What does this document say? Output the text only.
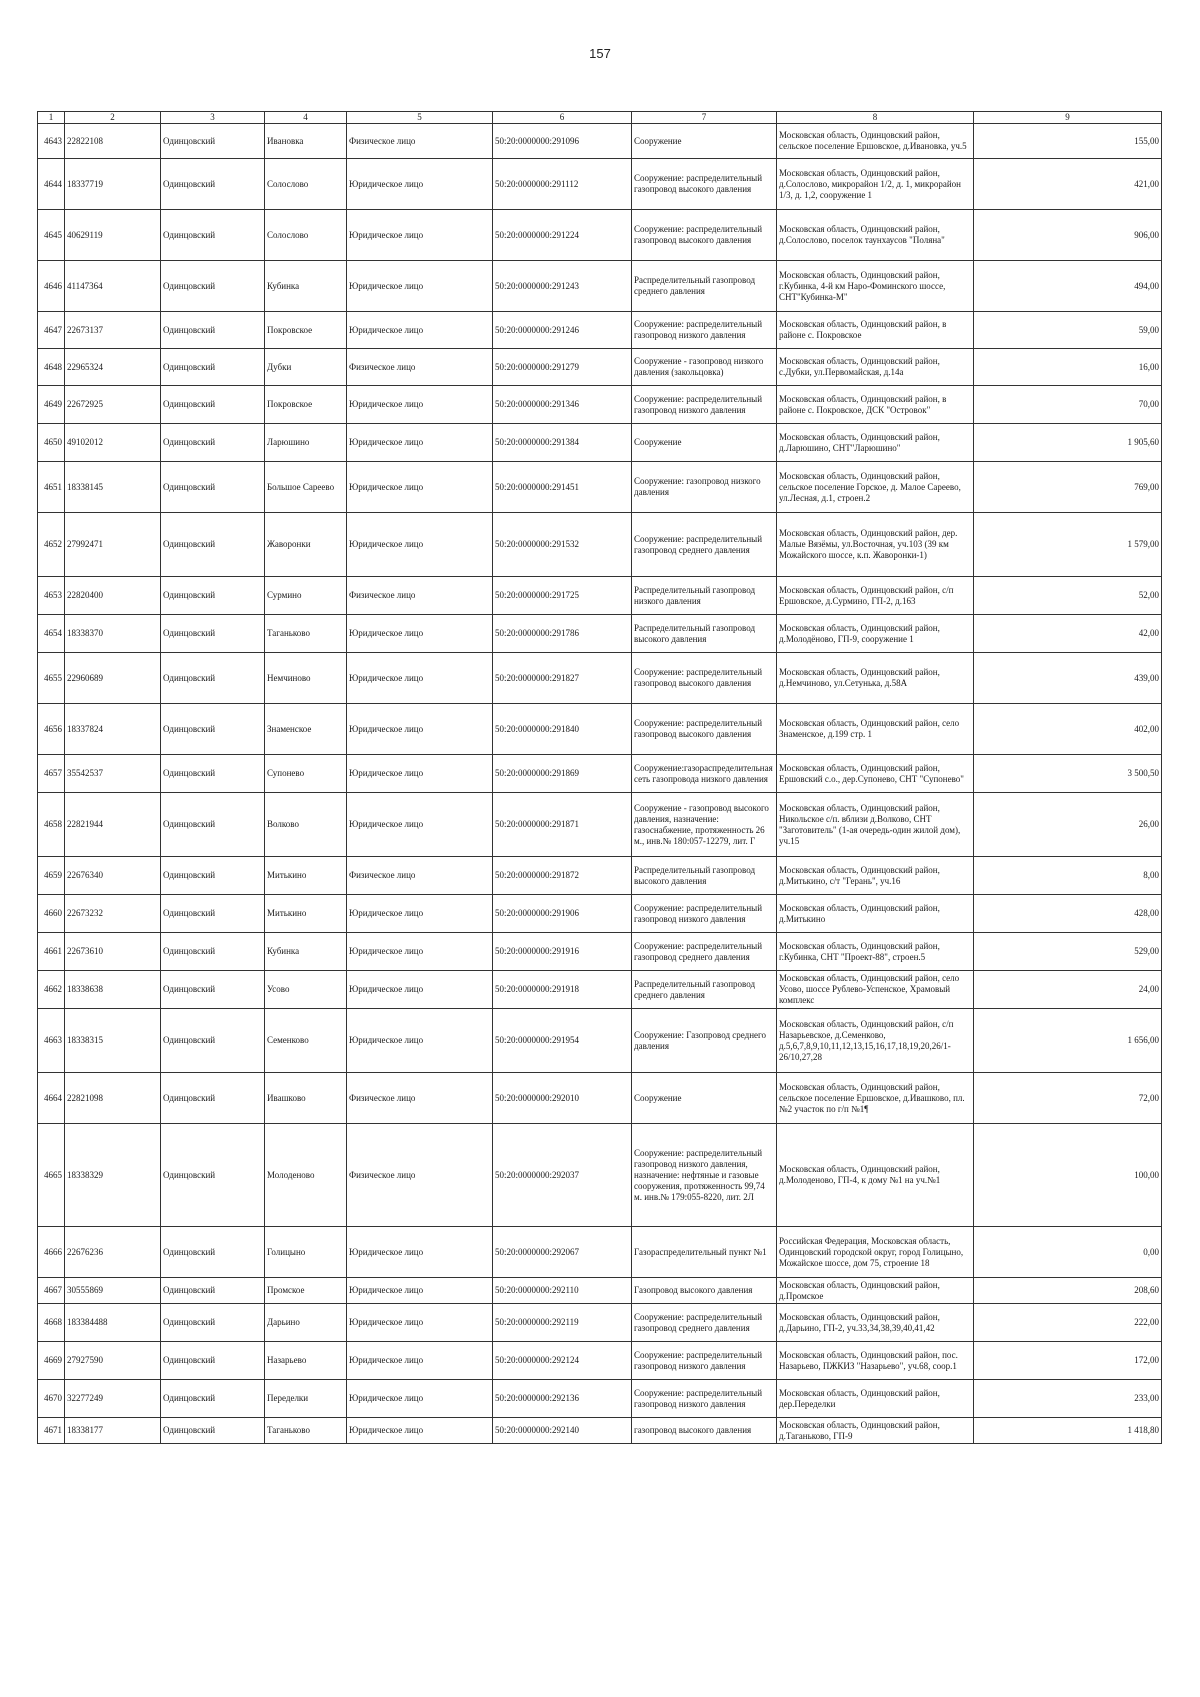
157
1	2	3	4	5	6	7	8	9
4643	22822108	Одинцовский	Ивановка	Физическое лицо	50:20:0000000:291096	Сооружение	Московская область, Одинцовский район, сельское поселение Ершовское, д.Ивановка, уч.5	155,00
4644	18337719	Одинцовский	Солослово	Юридическое лицо	50:20:0000000:291112	Сооружение: распределительный газопровод высокого давления	Московская область, Одинцовский район, д.Солослово, микрорайон 1/2, д. 1, микрорайон 1/3, д. 1,2, сооружение 1	421,00
4645	40629119	Одинцовский	Солослово	Юридическое лицо	50:20:0000000:291224	Сооружение: распределительный газопровод высокого давления	Московская область, Одинцовский район, д.Солослово, поселок таунхаусов "Поляна"	906,00
4646	41147364	Одинцовский	Кубинка	Юридическое лицо	50:20:0000000:291243	Распределительный газопровод среднего давления	Московская область, Одинцовский район, г.Кубинка, 4-й км Наро-Фоминского шоссе, СНТ"Кубинка-М"	494,00
4647	22673137	Одинцовский	Покровское	Юридическое лицо	50:20:0000000:291246	Сооружение: распределительный газопровод низкого давления	Московская область, Одинцовский район, в районе с. Покровское	59,00
4648	22965324	Одинцовский	Дубки	Физическое лицо	50:20:0000000:291279	Сооружение - газопровод низкого давления (закольцовка)	Московская область, Одинцовский район, с.Дубки, ул.Первомайская, д.14а	16,00
4649	22672925	Одинцовский	Покровское	Юридическое лицо	50:20:0000000:291346	Сооружение: распределительный газопровод низкого давления	Московская область, Одинцовский район, в районе с. Покровское, ДСК "Островок"	70,00
4650	49102012	Одинцовский	Ларюшино	Юридическое лицо	50:20:0000000:291384	Сооружение	Московская область, Одинцовский район, д.Ларюшино, СНТ"Ларюшино"	1 905,60
4651	18338145	Одинцовский	Большое Сареево	Юридическое лицо	50:20:0000000:291451	Сооружение: газопровод низкого давления	Московская область, Одинцовский район, сельское поселение Горское, д. Малое Сареево, ул.Лесная, д.1, строен.2	769,00
4652	27992471	Одинцовский	Жаворонки	Юридическое лицо	50:20:0000000:291532	Сооружение: распределительный газопровод среднего давления	Московская область, Одинцовский район, дер. Малые Вязёмы, ул.Восточная, уч.103 (39 км Можайского шоссе, к.п. Жаворонки-1)	1 579,00
4653	22820400	Одинцовский	Сурмино	Физическое лицо	50:20:0000000:291725	Распределительный газопровод низкого давления	Московская область, Одинцовский район, с/п Ершовское, д.Сурмино, ГП-2, д.163	52,00
4654	18338370	Одинцовский	Таганьково	Юридическое лицо	50:20:0000000:291786	Распределительный газопровод высокого давления	Московская область, Одинцовский район, д.Молодёново, ГП-9, сооружение 1	42,00
4655	22960689	Одинцовский	Немчиново	Юридическое лицо	50:20:0000000:291827	Сооружение: распределительный газопровод высокого давления	Московская область, Одинцовский район, д.Немчиново, ул.Сетунька, д.58А	439,00
4656	18337824	Одинцовский	Знаменское	Юридическое лицо	50:20:0000000:291840	Сооружение: распределительный газопровод высокого давления	Московская область, Одинцовский район, село Знаменское, д.199 стр. 1	402,00
4657	35542537	Одинцовский	Супонево	Юридическое лицо	50:20:0000000:291869	Сооружение:газораспределительная сеть газопровода низкого давления	Московская область, Одинцовский район, Ершовский с.о., дер.Супонево, СНТ "Супонево"	3 500,50
4658	22821944	Одинцовский	Волково	Юридическое лицо	50:20:0000000:291871	Сооружение - газопровод высокого давления, назначение: газоснабжение, протяженность 26 м., инв.№ 180:057-12279, лит. Г	Московская область, Одинцовский район, Никольское с/п. вблизи д.Волково, СНТ "Заготовитель" (1-ая очередь-один жилой дом), уч.15	26,00
4659	22676340	Одинцовский	Митькино	Физическое лицо	50:20:0000000:291872	Распределительный газопровод высокого давления	Московская область, Одинцовский район, д.Митькино, с/т "Герань", уч.16	8,00
4660	22673232	Одинцовский	Митькино	Юридическое лицо	50:20:0000000:291906	Сооружение: распределительный газопровод низкого давления	Московская область, Одинцовский район, д.Митькино	428,00
4661	22673610	Одинцовский	Кубинка	Юридическое лицо	50:20:0000000:291916	Сооружение: распределительный газопровод среднего давления	Московская область, Одинцовский район, г.Кубинка, СНТ "Проект-88", строен.5	529,00
4662	18338638	Одинцовский	Усово	Юридическое лицо	50:20:0000000:291918	Распределительный газопровод среднего давления	Московская область, Одинцовский район, село Усово, шоссе Рублево-Успенское, Храмовый комплекс	24,00
4663	18338315	Одинцовский	Семенково	Юридическое лицо	50:20:0000000:291954	Сооружение: Газопровод среднего давления	Московская область, Одинцовский район, с/п Назарьевское, д.Семенково, д.5,6,7,8,9,10,11,12,13,15,16,17,18,19,20,26/1-26/10,27,28	1 656,00
4664	22821098	Одинцовский	Ивашково	Физическое лицо	50:20:0000000:292010	Сооружение	Московская область, Одинцовский район, сельское поселение Ершовское, д.Ивашково, пл.№2 участок по г/п №1¶	72,00
4665	18338329	Одинцовский	Молоденово	Физическое лицо	50:20:0000000:292037	Сооружение: распределительный газопровод низкого давления, назначение: нефтяные и газовые сооружения, протяженность 99,74 м. инв.№ 179:055-8220, лит. 2Л	Московская область, Одинцовский район, д.Молоденово, ГП-4, к дому №1 на уч.№1	100,00
4666	22676236	Одинцовский	Голицыно	Юридическое лицо	50:20:0000000:292067	Газораспределительный пункт №1	Российская Федерация, Московская область, Одинцовский городской округ, город Голицыно, Можайское шоссе, дом 75, строение 18	0,00
4667	30555869	Одинцовский	Промское	Юридическое лицо	50:20:0000000:292110	Газопровод высокого давления	Московская область, Одинцовский район, д.Промское	208,60
4668	183384488	Одинцовский	Дарьино	Юридическое лицо	50:20:0000000:292119	Сооружение: распределительный газопровод среднего давления	Московская область, Одинцовский район, д.Дарьино, ГП-2, уч.33,34,38,39,40,41,42	222,00
4669	27927590	Одинцовский	Назарьево	Юридическое лицо	50:20:0000000:292124	Сооружение: распределительный газопровод низкого давления	Московская область, Одинцовский район, пос. Назарьево, ПЖКИЗ "Назарьево", уч.68, соор.1	172,00
4670	32277249	Одинцовский	Переделки	Юридическое лицо	50:20:0000000:292136	Сооружение: распределительный газопровод низкого давления	Московская область, Одинцовский район, дер.Переделки	233,00
4671	18338177	Одинцовский	Таганьково	Юридическое лицо	50:20:0000000:292140	газопровод высокого давления	Московская область, Одинцовский район, д.Таганьково, ГП-9	1 418,80
